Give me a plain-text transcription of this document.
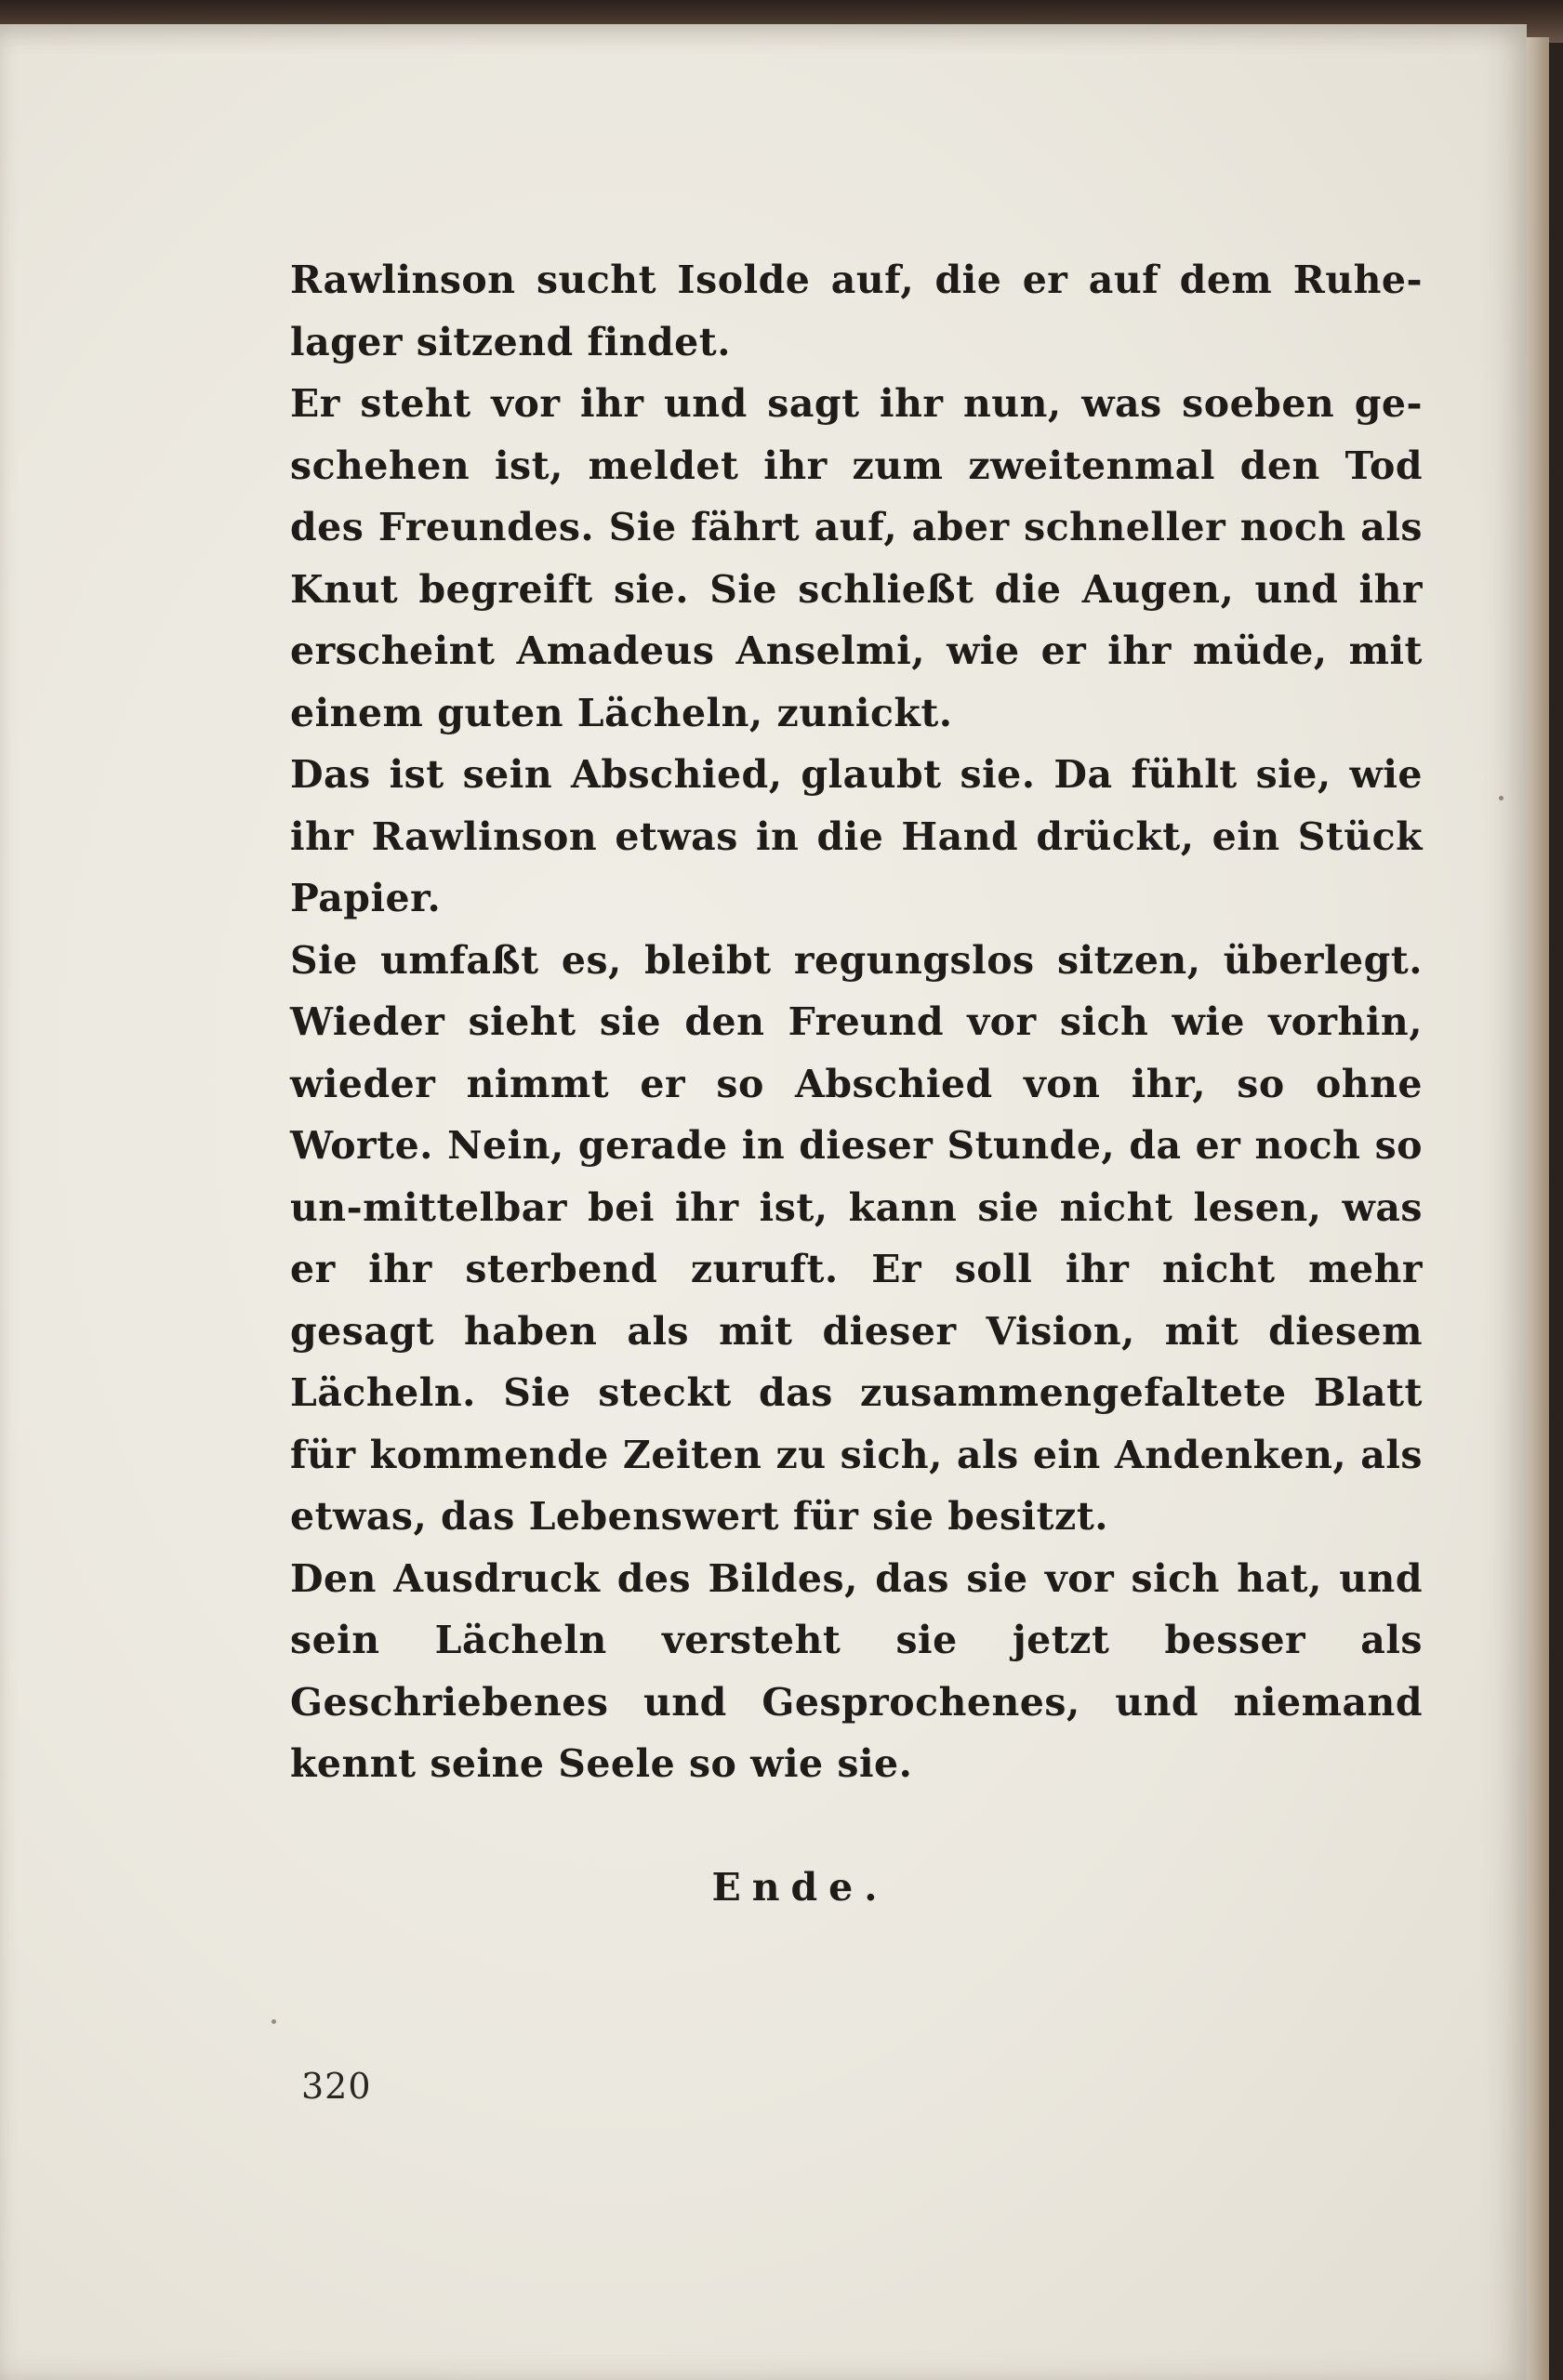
Rawlinson sucht Isolde auf, die er auf dem Ruhe-lager sitzend findet.

Er steht vor ihr und sagt ihr nun, was soeben ge-schehen ist, meldet ihr zum zweitenmal den Tod des Freundes. Sie fährt auf, aber schneller noch als Knut begreift sie. Sie schließt die Augen, und ihr erscheint Amadeus Anselmi, wie er ihr müde, mit einem guten Lächeln, zunickt.

Das ist sein Abschied, glaubt sie. Da fühlt sie, wie ihr Rawlinson etwas in die Hand drückt, ein Stück Papier.

Sie umfaßt es, bleibt regungslos sitzen, überlegt. Wieder sieht sie den Freund vor sich wie vorhin, wieder nimmt er so Abschied von ihr, so ohne Worte. Nein, gerade in dieser Stunde, da er noch so un-mittelbar bei ihr ist, kann sie nicht lesen, was er ihr sterbend zuruft. Er soll ihr nicht mehr gesagt haben als mit dieser Vision, mit diesem Lächeln. Sie steckt das zusammengefaltete Blatt für kommende Zeiten zu sich, als ein Andenken, als etwas, das Lebenswert für sie besitzt.

Den Ausdruck des Bildes, das sie vor sich hat, und sein Lächeln versteht sie jetzt besser als Geschriebenes und Gesprochenes, und niemand kennt seine Seele so wie sie.

Ende.
320
